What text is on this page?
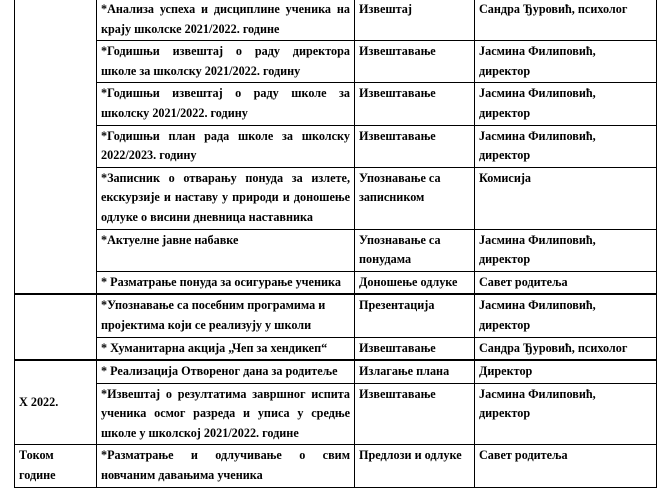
	*Анализа успеха и дисциплине ученика на
крају школске 2021/2022. године	Извештај	Сандра Ђуровић, психолог

	*Годишњи извештај о раду директора
школе за школску 2021/2022. годину	Извештавање	Јасмина Филиповић,
директор

	*Годишњи извештај о раду школе за
школску 2021/2022. годину	Извештавање	Јасмина Филиповић,
директор

	*Годишњи план рада школе за школску
2022/2023. годину	Извештавање	Јасмина Филиповић,
директор

	*Записник о отварању понуда за излете,
екскурзије и наставу у природи и доношење
одлуке о висини дневница наставника	Упознавање са записником	Комисија

	*Актуелне јавне набавке	Упознавање са понудама	Јасмина Филиповић,
директор

	* Разматрање понуда за осигурање ученика	Доношење одлуке	Савет родитеља

	*Упознавање са посебним програмима и
пројектима који се реализују у школи	Презентација	Јасмина Филиповић,
директор

	* Хуманитарна акција „Чеп за хендикеп“	Извештавање	Сандра Ђуровић, психолог

X 2022.	* Реализација Отвореног дана за родитеље	Излагање плана	Директор

	*Извештај о резултатима завршног испита
ученика осмог разреда и уписа у средње
школе у школској 2021/2022. године	Извештавање	Јасмина Филиповић,
директор

Током године	*Разматрање и одлучивање о свим
новчаним давањима ученика	Предлози и одлуке	Савет родитеља
